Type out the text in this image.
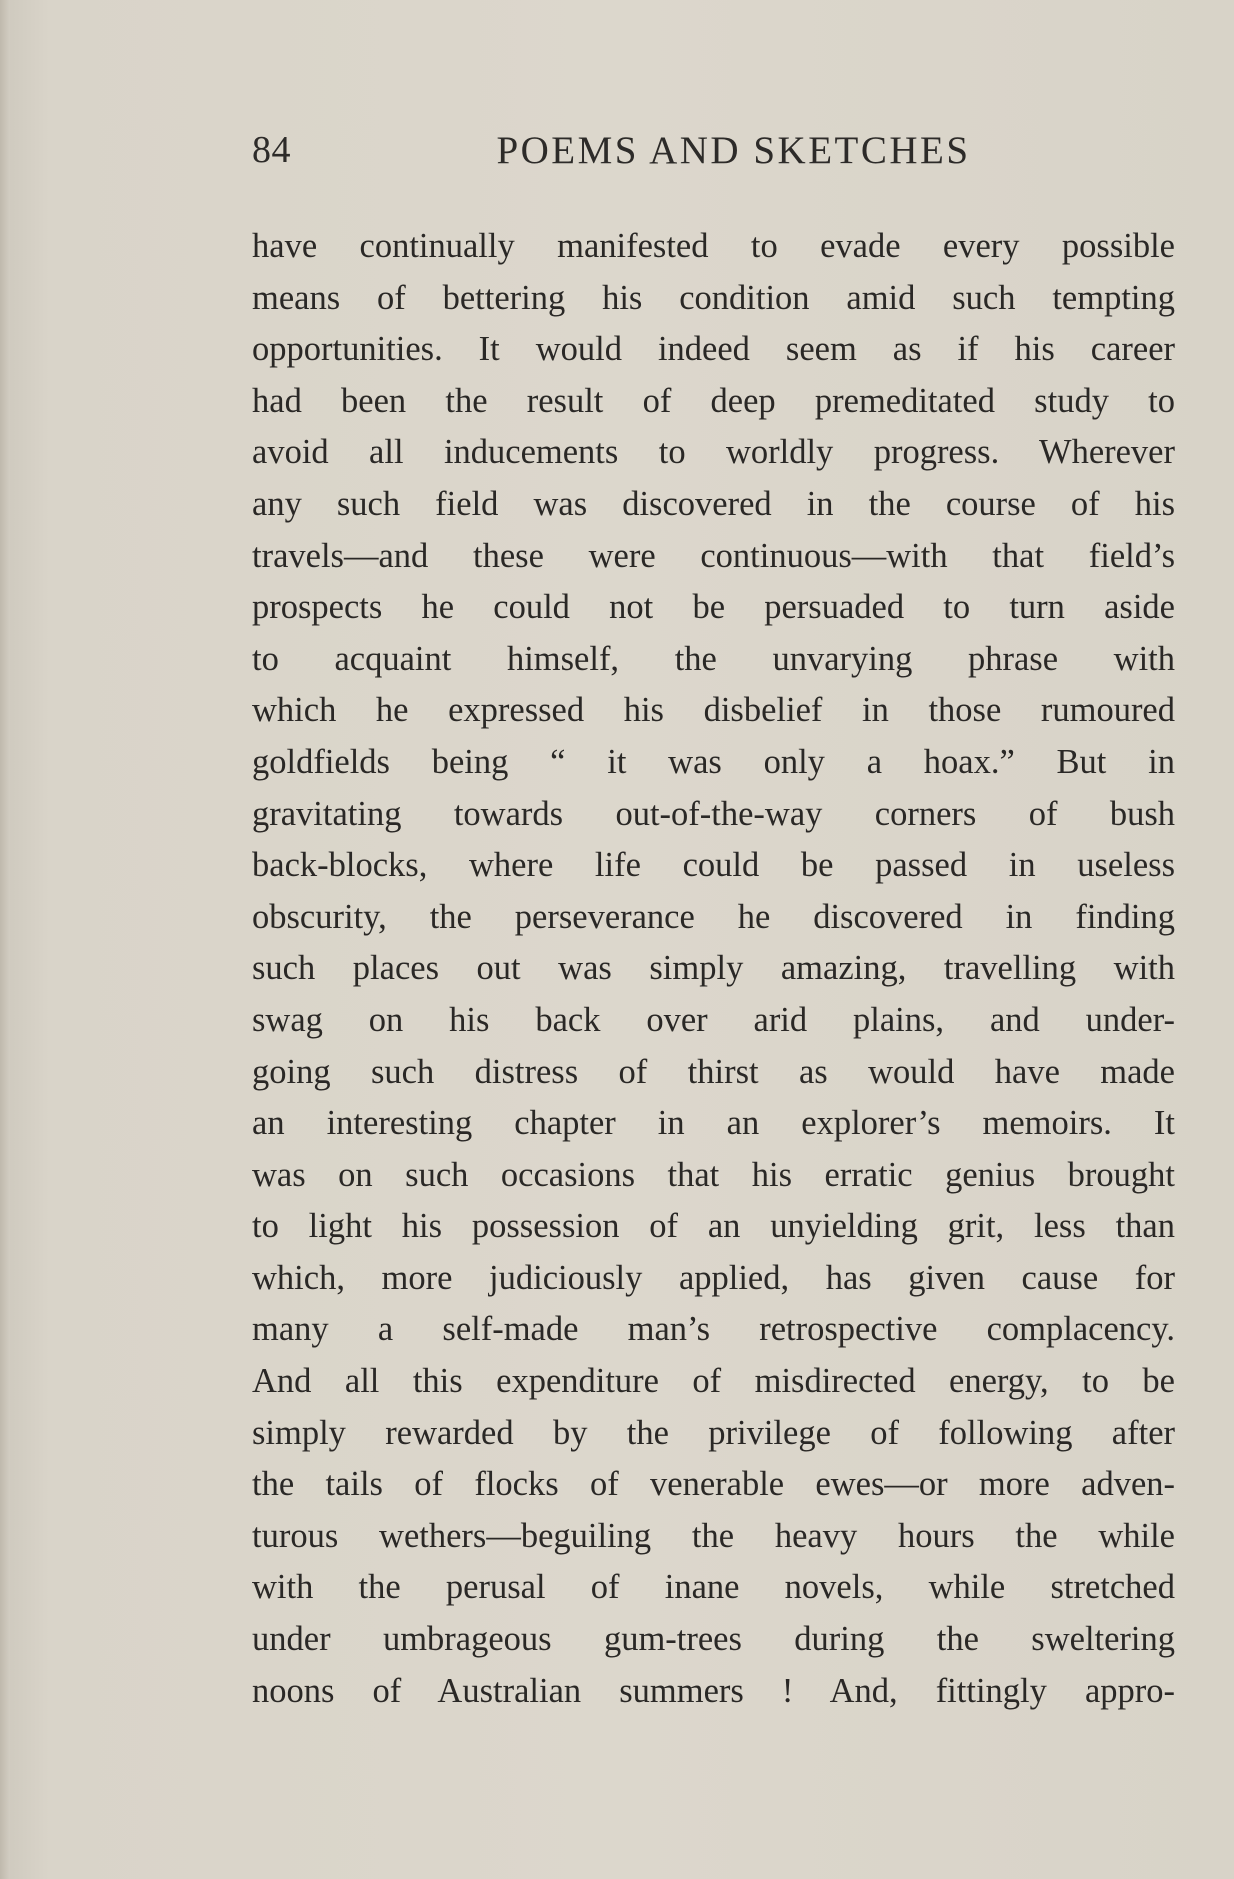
84	POEMS AND SKETCHES
have continually manifested to evade every possible
means of bettering his condition amid such tempting
opportunities. It would indeed seem as if his career
had been the result of deep premeditated study to
avoid all inducements to worldly progress. Wherever
any such field was discovered in the course of his
travels—and these were continuous—with that field’s
prospects he could not be persuaded to turn aside
to acquaint himself, the unvarying phrase with
which he expressed his disbelief in those rumoured
goldfields being “ it was only a hoax.” But in
gravitating towards out-of-the-way corners of bush
back-blocks, where life could be passed in useless
obscurity, the perseverance he discovered in finding
such places out was simply amazing, travelling with
swag on his back over arid plains, and under-
going such distress of thirst as would have made
an interesting chapter in an explorer’s memoirs. It
was on such occasions that his erratic genius brought
to light his possession of an unyielding grit, less than
which, more judiciously applied, has given cause for
many a self-made man’s retrospective complacency.
And all this expenditure of misdirected energy, to be
simply rewarded by the privilege of following after
the tails of flocks of venerable ewes—or more adven-
turous wethers—beguiling the heavy hours the while
with the perusal of inane novels, while stretched
under umbrageous gum-trees during the sweltering
noons of Australian summers ! And, fittingly appro-
